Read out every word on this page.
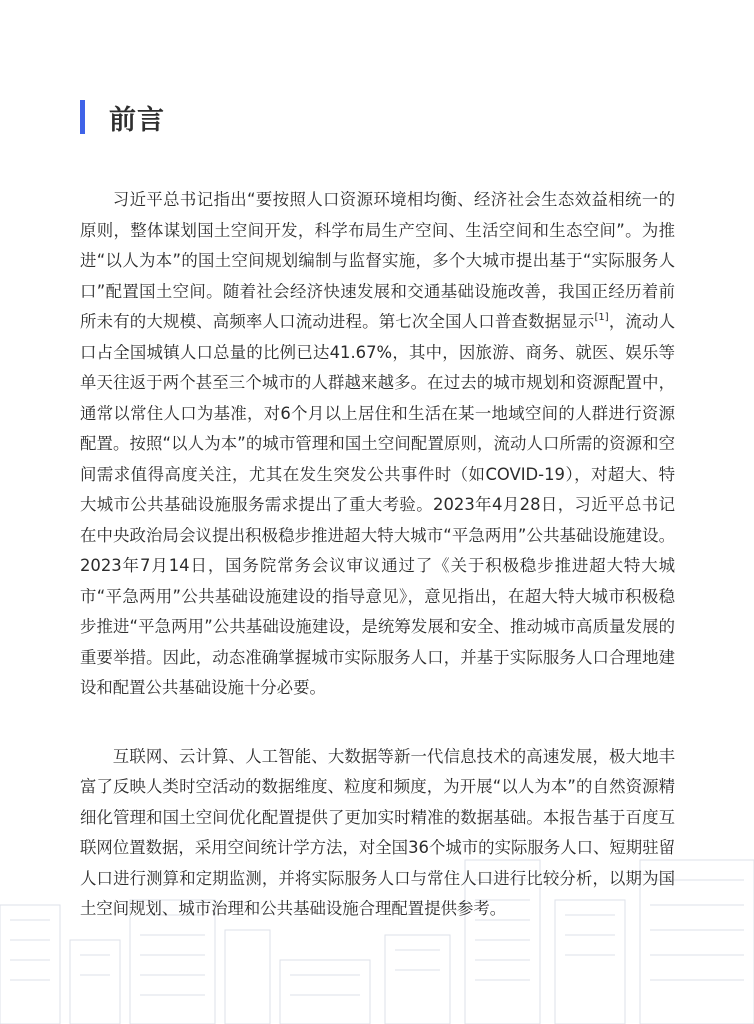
前言

习近平总书记指出“要按照人口资源环境相均衡、经济社会生态效益相统一的原则，整体谋划国土空间开发，科学布局生产空间、生活空间和生态空间”。为推进“以人为本”的国土空间规划编制与监督实施，多个大城市提出基于“实际服务人口”配置国土空间。随着社会经济快速发展和交通基础设施改善，我国正经历着前所未有的大规模、高频率人口流动进程。第七次全国人口普查数据显示[1]，流动人口占全国城镇人口总量的比例已达41.67%，其中，因旅游、商务、就医、娱乐等单天往返于两个甚至三个城市的人群越来越多。在过去的城市规划和资源配置中，通常以常住人口为基准，对6个月以上居住和生活在某一地域空间的人群进行资源配置。按照“以人为本”的城市管理和国土空间配置原则，流动人口所需的资源和空间需求值得高度关注，尤其在发生突发公共事件时（如COVID-19），对超大、特大城市公共基础设施服务需求提出了重大考验。2023年4月28日，习近平总书记在中央政治局会议提出积极稳步推进超大特大城市“平急两用”公共基础设施建设。2023年7月14日，国务院常务会议审议通过了《关于积极稳步推进超大特大城市“平急两用”公共基础设施建设的指导意见》，意见指出，在超大特大城市积极稳步推进“平急两用”公共基础设施建设，是统筹发展和安全、推动城市高质量发展的重要举措。因此，动态准确掌握城市实际服务人口，并基于实际服务人口合理地建设和配置公共基础设施十分必要。

互联网、云计算、人工智能、大数据等新一代信息技术的高速发展，极大地丰富了反映人类时空活动的数据维度、粒度和频度，为开展“以人为本”的自然资源精细化管理和国土空间优化配置提供了更加实时精准的数据基础。本报告基于百度互联网位置数据，采用空间统计学方法，对全国36个城市的实际服务人口、短期驻留人口进行测算和定期监测，并将实际服务人口与常住人口进行比较分析，以期为国土空间规划、城市治理和公共基础设施合理配置提供参考。
